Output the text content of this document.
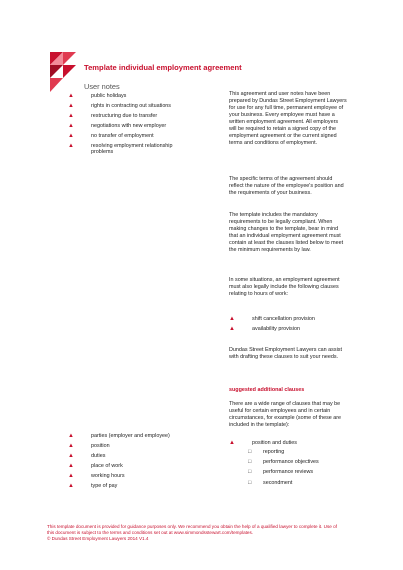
Template individual employment agreement
User notes
▲	public holidays
▲	rights in contracting out situations
▲	restructuring due to transfer
▲	negotiations with new employer
▲	no transfer of employment
▲	resolving employment relationship problems

This agreement and user notes have been prepared by Dundas Street Employment Lawyers for use for any full time, permanent employee of your business. Every employee must have a written employment agreement. All employers will be required to retain a signed copy of the employment agreement or the current signed terms and conditions of employment.

The specific terms of the agreement should reflect the nature of the employee's position and the requirements of your business.

The template includes the mandatory requirements to be legally compliant. When making changes to the template, bear in mind that an individual employment agreement must contain at least the clauses listed below to meet the minimum requirements by law.

In some situations, an employment agreement must also legally include the following clauses relating to hours of work:

▲	shift cancellation provision
▲	availability provision

Dundas Street Employment Lawyers can assist with drafting these clauses to suit your needs.

suggested additional clauses

There are a wide range of clauses that may be useful for certain employees and in certain circumstances, for example (some of these are included in the template):

▲	position and duties
□ reporting
□ performance objectives
□ performance reviews
□ secondment
▲	parties (employer and employee)
▲	position
▲	duties
▲	place of work
▲	working hours
▲	type of pay
This template document is provided for guidance purposes only. We recommend you obtain the help of a qualified lawyer to complete it. Use of
this document is subject to the terms and conditions set out at www.simmondsstewart.com/templates.
© Dundas Street Employment Lawyers 2014 V1.4
